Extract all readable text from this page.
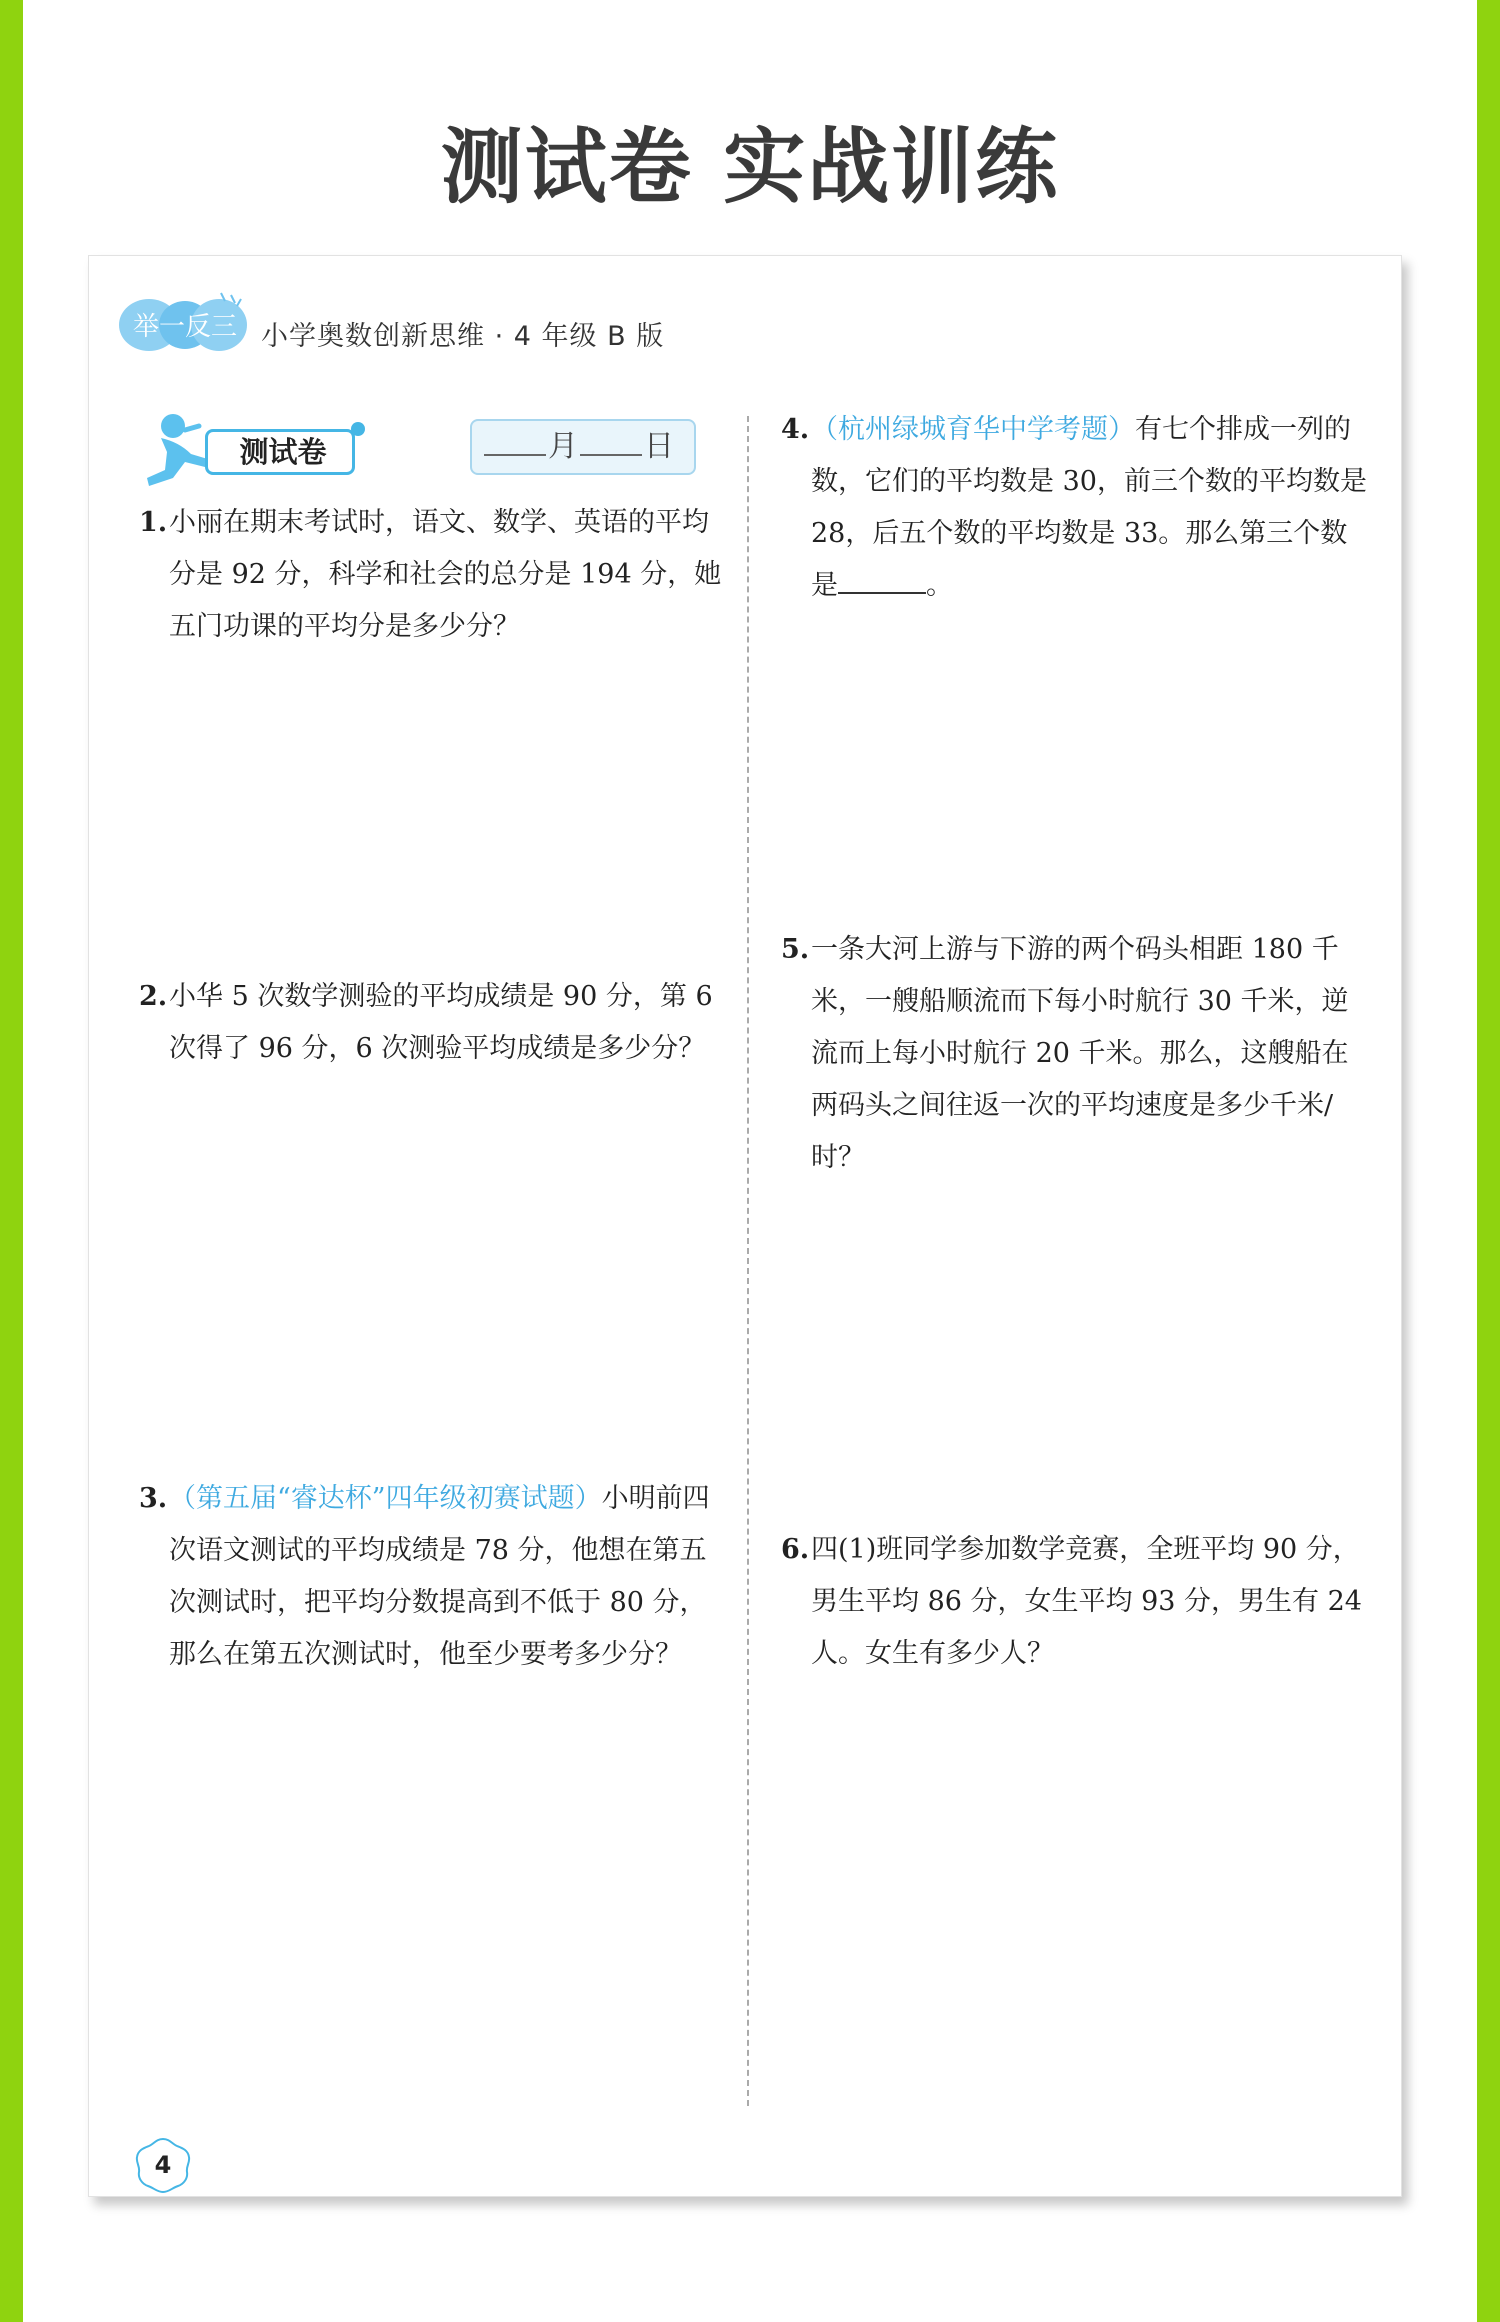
测试卷 实战训练
举一反三 小学奥数创新思维 · 4 年级 B 版
测试卷	月 日
1. 小丽在期末考试时，语文、数学、英语的平均分是 92 分，科学和社会的总分是 194 分，她五门功课的平均分是多少分？
2. 小华 5 次数学测验的平均成绩是 90 分，第 6 次得了 96 分，6 次测验平均成绩是多少分？
3. （第五届“睿达杯”四年级初赛试题）小明前四次语文测试的平均成绩是 78 分，他想在第五次测试时，把平均分数提高到不低于 80 分，那么在第五次测试时，他至少要考多少分？
4. （杭州绿城育华中学考题）有七个排成一列的数，它们的平均数是 30，前三个数的平均数是 28，后五个数的平均数是 33。那么第三个数是	。
5. 一条大河上游与下游的两个码头相距 180 千米，一艘船顺流而下每小时航行 30 千米，逆流而上每小时航行 20 千米。那么，这艘船在两码头之间往返一次的平均速度是多少千米/时？
6. 四(1)班同学参加数学竞赛，全班平均 90 分，男生平均 86 分，女生平均 93 分，男生有 24 人。女生有多少人？
4
